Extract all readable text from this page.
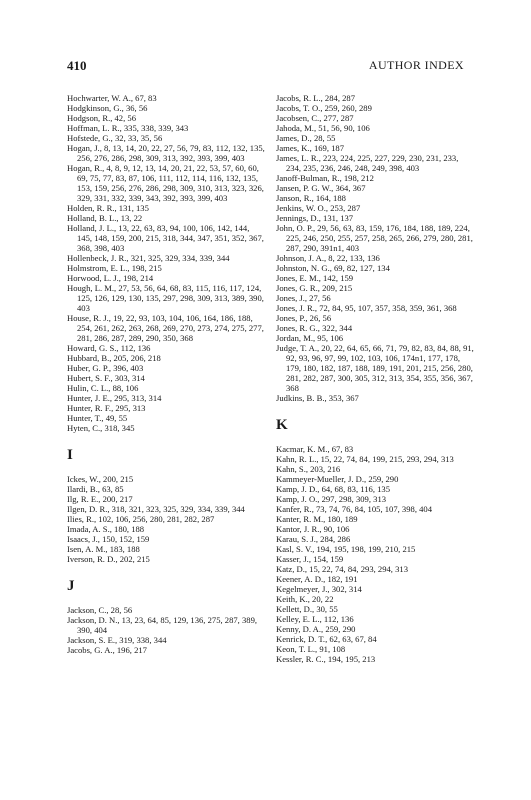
410	AUTHOR INDEX

Hochwarter, W. A., 67, 83

Hodgkinson, G., 36, 56

Hodgson, R., 42, 56

Hoffman, L. R., 335, 338, 339, 343

Hofstede, G., 32, 33, 35, 56

Hogan, J., 8, 13, 14, 20, 22, 27, 56, 79, 83, 112, 132, 135, 256, 276, 286, 298, 309, 313, 392, 393, 399, 403

Hogan, R., 4, 8, 9, 12, 13, 14, 20, 21, 22, 53, 57, 60, 60, 69, 75, 77, 83, 87, 106, 111, 112, 114, 116, 132, 135, 153, 159, 256, 276, 286, 298, 309, 310, 313, 323, 326, 329, 331, 332, 339, 343, 392, 393, 399, 403

Holden, R. R., 131, 135

Holland, B. L., 13, 22

Holland, J. L., 13, 22, 63, 83, 94, 100, 106, 142, 144, 145, 148, 159, 200, 215, 318, 344, 347, 351, 352, 367, 368, 398, 403

Hollenbeck, J. R., 321, 325, 329, 334, 339, 344

Holmstrom, E. L., 198, 215

Horwood, L. J., 198, 214

Hough, L. M., 27, 53, 56, 64, 68, 83, 115, 116, 117, 124, 125, 126, 129, 130, 135, 297, 298, 309, 313, 389, 390, 403

House, R. J., 19, 22, 93, 103, 104, 106, 164, 186, 188, 254, 261, 262, 263, 268, 269, 270, 273, 274, 275, 277, 281, 286, 287, 289, 290, 350, 368

Howard, G. S., 112, 136

Hubbard, B., 205, 206, 218

Huber, G. P., 396, 403

Hubert, S. F., 303, 314

Hulin, C. L., 88, 106

Hunter, J. E., 295, 313, 314

Hunter, R. F., 295, 313

Hunter, T., 49, 55

Hyten, C., 318, 345

I

Ickes, W., 200, 215

Ilardi, B., 63, 85

Ilg, R. E., 200, 217

Ilgen, D. R., 318, 321, 323, 325, 329, 334, 339, 344

Ilies, R., 102, 106, 256, 280, 281, 282, 287

Imada, A. S., 180, 188

Isaacs, J., 150, 152, 159

Isen, A. M., 183, 188

Iverson, R. D., 202, 215

J

Jackson, C., 28, 56

Jackson, D. N., 13, 23, 64, 85, 129, 136, 275, 287, 389, 390, 404

Jackson, S. E., 319, 338, 344

Jacobs, G. A., 196, 217

Jacobs, R. L., 284, 287

Jacobs, T. O., 259, 260, 289

Jacobsen, C., 277, 287

Jahoda, M., 51, 56, 90, 106

James, D., 28, 55

James, K., 169, 187

James, L. R., 223, 224, 225, 227, 229, 230, 231, 233, 234, 235, 236, 246, 248, 249, 398, 403

Janoff-Bulman, R., 198, 212

Jansen, P. G. W., 364, 367

Janson, R., 164, 188

Jenkins, W. O., 253, 287

Jennings, D., 131, 137

John, O. P., 29, 56, 63, 83, 159, 176, 184, 188, 189, 224, 225, 246, 250, 255, 257, 258, 265, 266, 279, 280, 281, 287, 290, 391n1, 403

Johnson, J. A., 8, 22, 133, 136

Johnston, N. G., 69, 82, 127, 134

Jones, E. M., 142, 159

Jones, G. R., 209, 215

Jones, J., 27, 56

Jones, J. R., 72, 84, 95, 107, 357, 358, 359, 361, 368

Jones, P., 26, 56

Jones, R. G., 322, 344

Jordan, M., 95, 106

Judge, T. A., 20, 22, 64, 65, 66, 71, 79, 82, 83, 84, 88, 91, 92, 93, 96, 97, 99, 102, 103, 106, 174n1, 177, 178, 179, 180, 182, 187, 188, 189, 191, 201, 215, 256, 280, 281, 282, 287, 300, 305, 312, 313, 354, 355, 356, 367, 368

Judkins, B. B., 353, 367

K

Kacmar, K. M., 67, 83

Kahn, R. L., 15, 22, 74, 84, 199, 215, 293, 294, 313

Kahn, S., 203, 216

Kammeyer-Mueller, J. D., 259, 290

Kamp, J. D., 64, 68, 83, 116, 135

Kamp, J. O., 297, 298, 309, 313

Kanfer, R., 73, 74, 76, 84, 105, 107, 398, 404

Kanter, R. M., 180, 189

Kantor, J. R., 90, 106

Karau, S. J., 284, 286

Kasl, S. V., 194, 195, 198, 199, 210, 215

Kasser, J., 154, 159

Katz, D., 15, 22, 74, 84, 293, 294, 313

Keener, A. D., 182, 191

Kegelmeyer, J., 302, 314

Keith, K., 20, 22

Kellett, D., 30, 55

Kelley, E. L., 112, 136

Kenny, D. A., 259, 290

Kenrick, D. T., 62, 63, 67, 84

Keon, T. L., 91, 108

Kessler, R. C., 194, 195, 213
